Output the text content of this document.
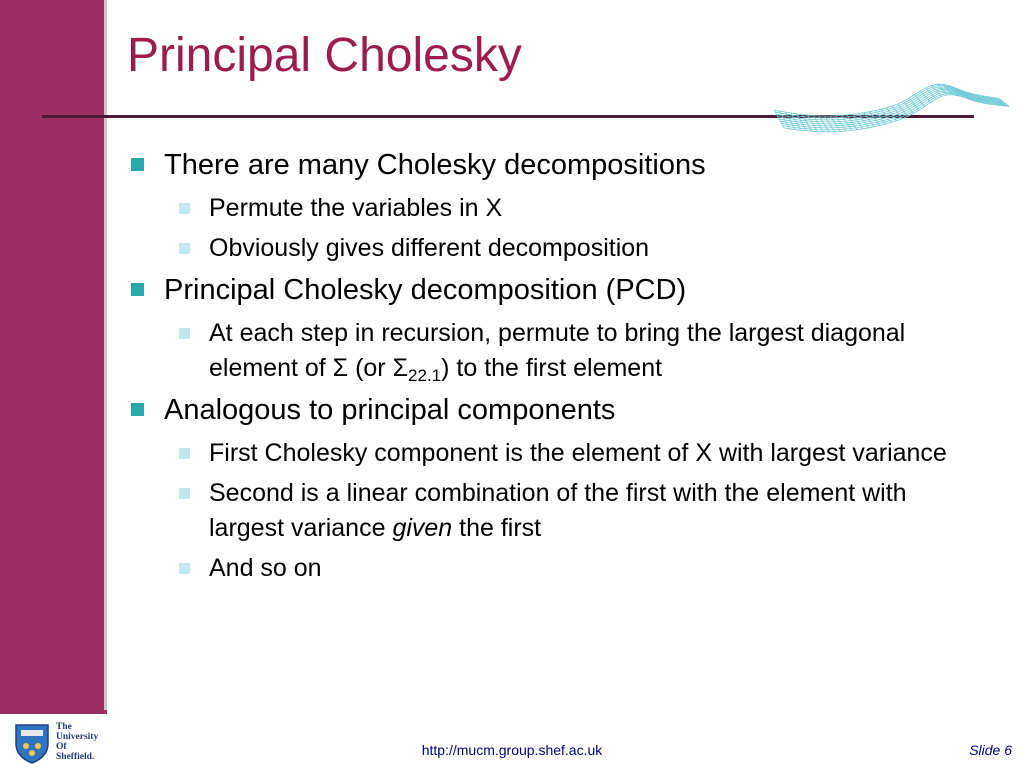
Principal Cholesky
There are many Cholesky decompositions
Permute the variables in X
Obviously gives different decomposition
Principal Cholesky decomposition (PCD)
At each step in recursion, permute to bring the largest diagonal element of Σ (or $\Sigma_{22.1}$) to the first element
Analogous to principal components
First Cholesky component is the element of X with largest variance
Second is a linear combination of the first with the element with largest variance given the first
And so on
The
University
Of
Sheffield.	http://mucm.group.shef.ac.uk	Slide 6
